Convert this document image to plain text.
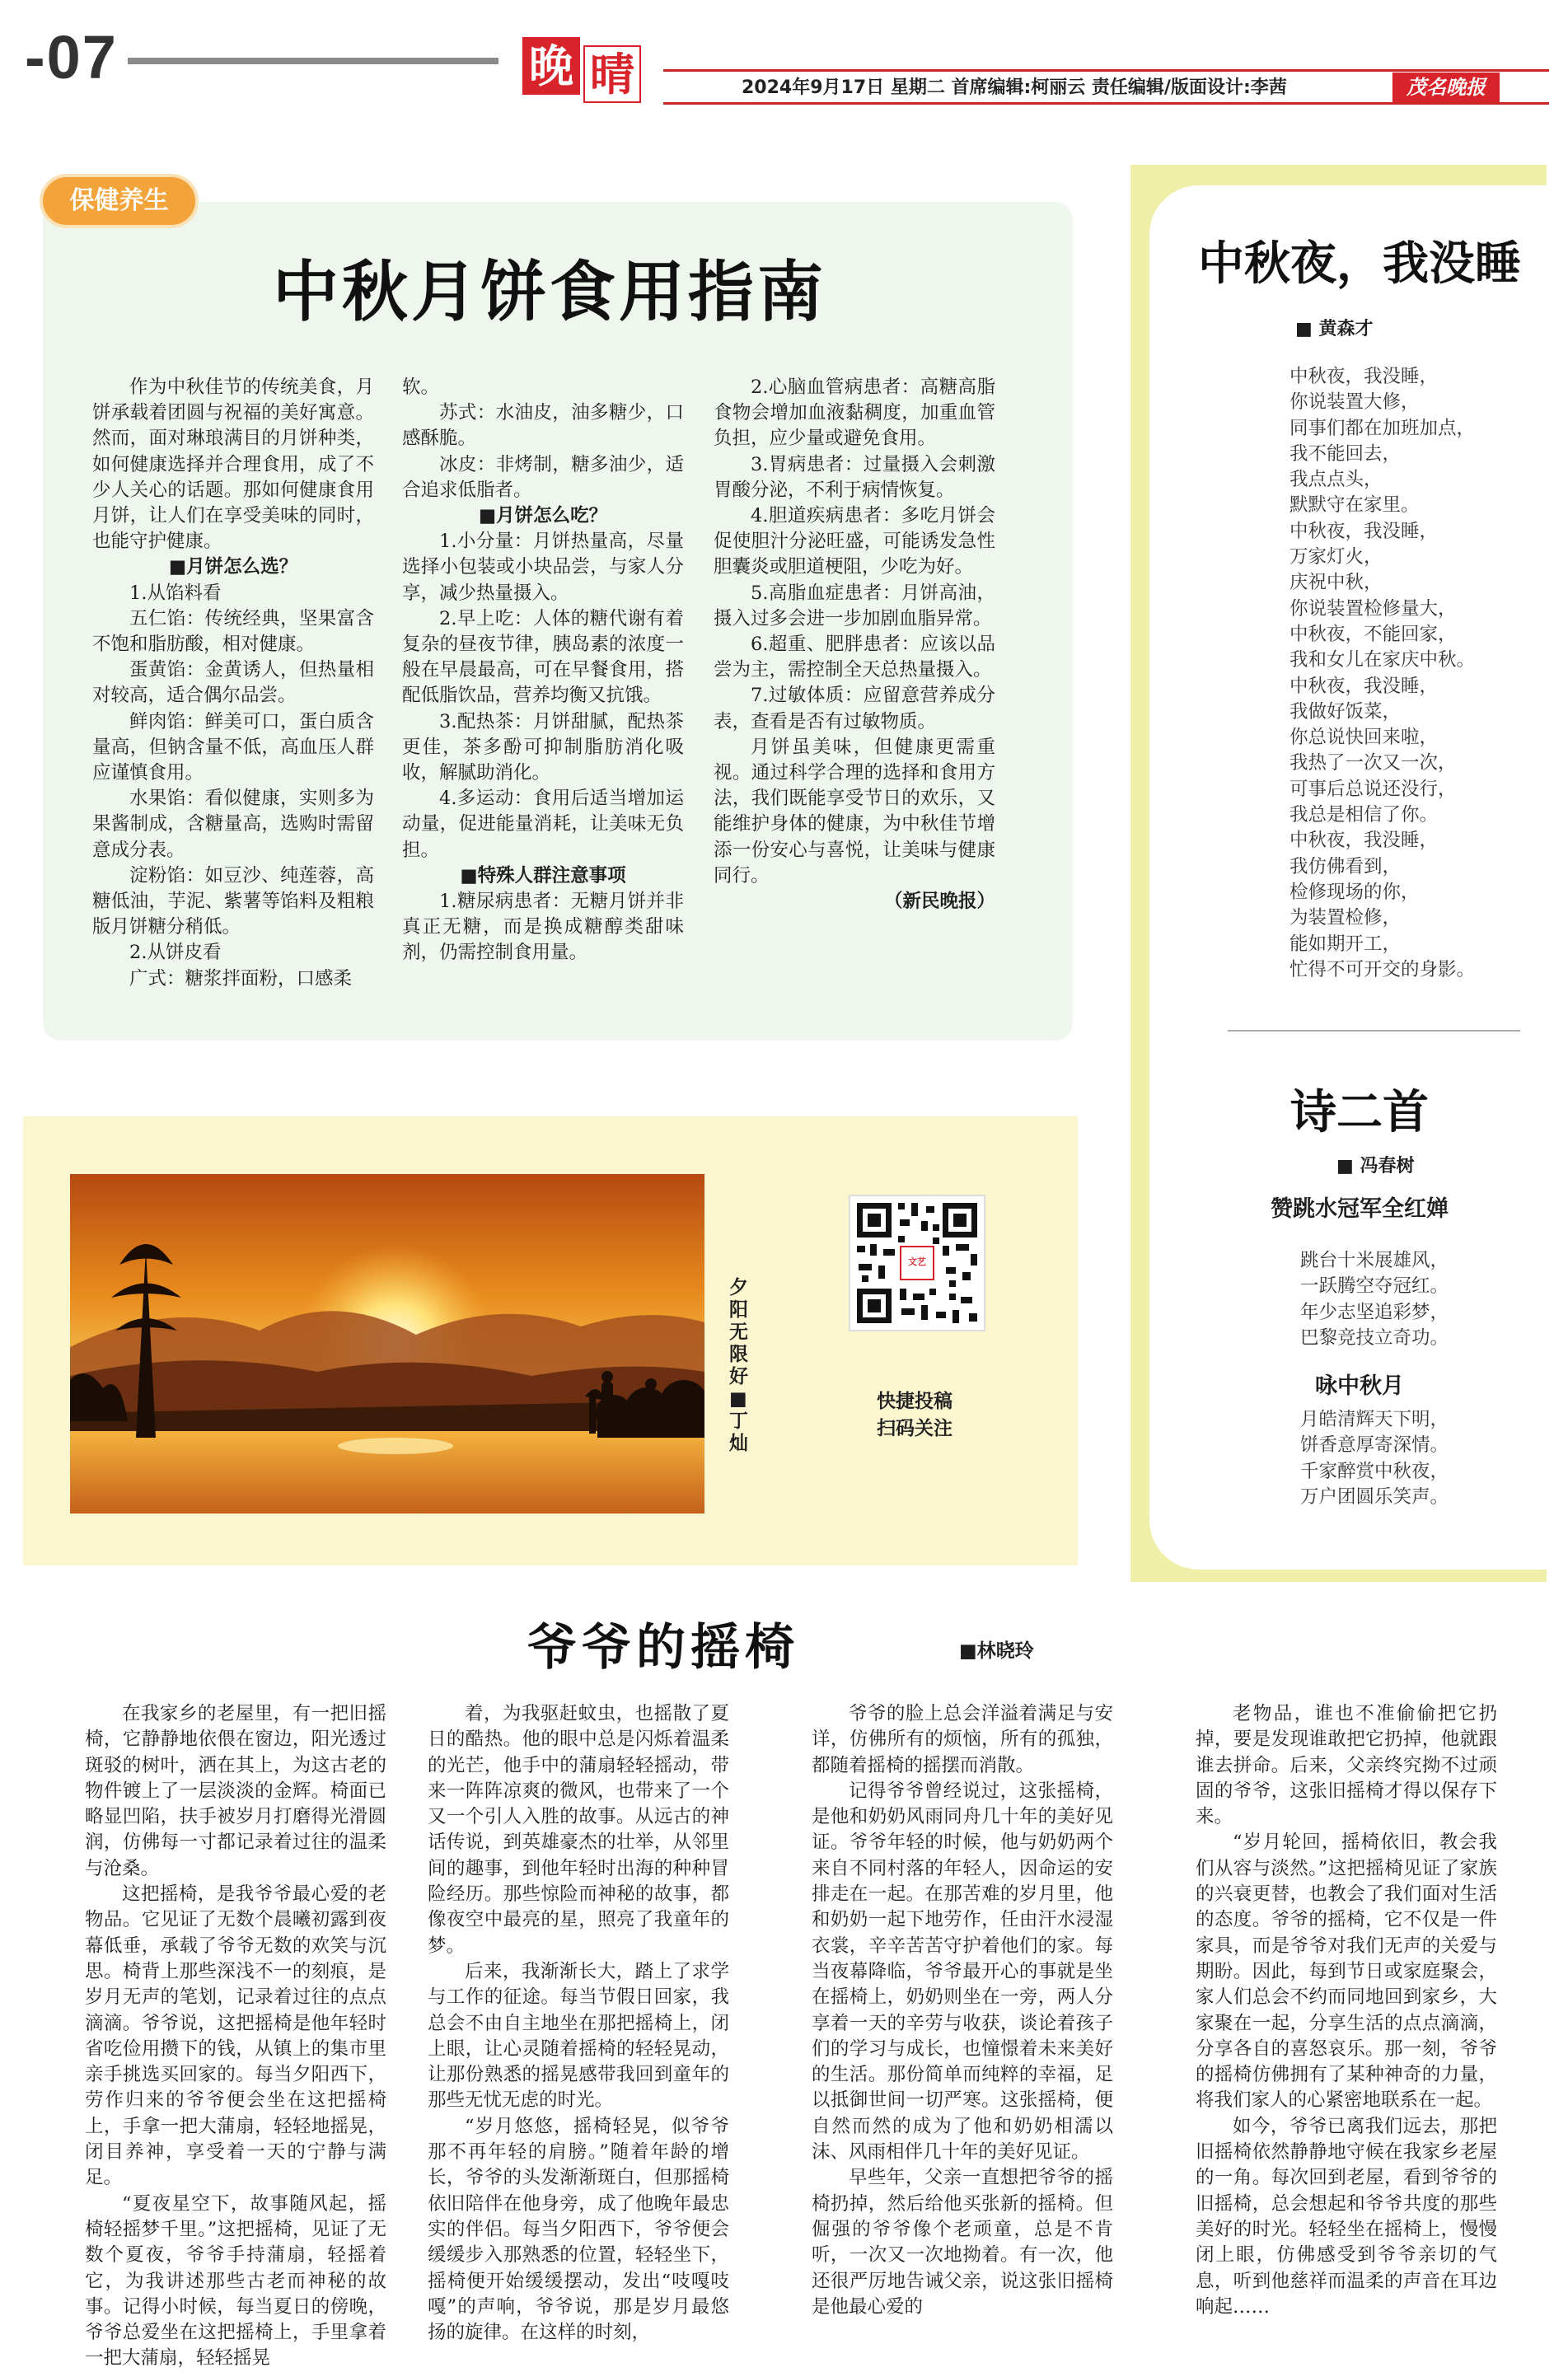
-07	晚 晴	2024年9月17日 星期二 首席编辑:柯丽云 责任编辑/版面设计:李茜	茂名晚报
保健养生
中秋月饼食用指南

作为中秋佳节的传统美食，月饼承载着团圆与祝福的美好寓意。然而，面对琳琅满目的月饼种类，如何健康选择并合理食用，成了不少人关心的话题。那如何健康食用月饼，让人们在享受美味的同时，也能守护健康。

■月饼怎么选？

1.从馅料看

五仁馅：传统经典，坚果富含不饱和脂肪酸，相对健康。

蛋黄馅：金黄诱人，但热量相对较高，适合偶尔品尝。

鲜肉馅：鲜美可口，蛋白质含量高，但钠含量不低，高血压人群应谨慎食用。

水果馅：看似健康，实则多为果酱制成，含糖量高，选购时需留意成分表。

淀粉馅：如豆沙、纯莲蓉，高糖低油，芋泥、紫薯等馅料及粗粮版月饼糖分稍低。

2.从饼皮看

广式：糖浆拌面粉，口感柔

软。

苏式：水油皮，油多糖少，口感酥脆。

冰皮：非烤制，糖多油少，适合追求低脂者。

■月饼怎么吃？

1.小分量：月饼热量高，尽量选择小包装或小块品尝，与家人分享，减少热量摄入。

2.早上吃：人体的糖代谢有着复杂的昼夜节律，胰岛素的浓度一般在早晨最高，可在早餐食用，搭配低脂饮品，营养均衡又抗饿。

3.配热茶：月饼甜腻，配热茶更佳，茶多酚可抑制脂肪消化吸收，解腻助消化。

4.多运动：食用后适当增加运动量，促进能量消耗，让美味无负担。

■特殊人群注意事项

1.糖尿病患者：无糖月饼并非真正无糖，而是换成糖醇类甜味剂，仍需控制食用量。

2.心脑血管病患者：高糖高脂食物会增加血液黏稠度，加重血管负担，应少量或避免食用。

3.胃病患者：过量摄入会刺激胃酸分泌，不利于病情恢复。

4.胆道疾病患者：多吃月饼会促使胆汁分泌旺盛，可能诱发急性胆囊炎或胆道梗阻，少吃为好。

5.高脂血症患者：月饼高油，摄入过多会进一步加剧血脂异常。

6.超重、肥胖患者：应该以品尝为主，需控制全天总热量摄入。

7.过敏体质：应留意营养成分表，查看是否有过敏物质。

月饼虽美味，但健康更需重视。通过科学合理的选择和食用方法，我们既能享受节日的欢乐，又能维护身体的健康，为中秋佳节增添一份安心与喜悦，让美味与健康同行。

（新民晚报）

中秋夜，我没睡
■ 黄森才
中秋夜，我没睡，
你说装置大修，
同事们都在加班加点，
我不能回去，
我点点头，
默默守在家里。
中秋夜，我没睡，
万家灯火，
庆祝中秋，
你说装置检修量大，
中秋夜，不能回家，
我和女儿在家庆中秋。
中秋夜，我没睡，
我做好饭菜，
你总说快回来啦，
我热了一次又一次，
可事后总说还没行，
我总是相信了你。
中秋夜，我没睡，
我仿佛看到，
检修现场的你，
为装置检修，
能如期开工，
忙得不可开交的身影。
诗二首
■ 冯春树
赞跳水冠军全红婵
跳台十米展雄风，
一跃腾空夺冠红。
年少志坚追彩梦，
巴黎竞技立奇功。
咏中秋月
月皓清辉天下明，
饼香意厚寄深情。
千家醉赏中秋夜，
万户团圆乐笑声。
夕阳无限好 ■ 丁灿
文艺
快捷投稿
扫码关注
爷爷的摇椅	■林晓玲

在我家乡的老屋里，有一把旧摇椅，它静静地依偎在窗边，阳光透过斑驳的树叶，洒在其上，为这古老的物件镀上了一层淡淡的金辉。椅面已略显凹陷，扶手被岁月打磨得光滑圆润，仿佛每一寸都记录着过往的温柔与沧桑。

这把摇椅，是我爷爷最心爱的老物品。它见证了无数个晨曦初露到夜幕低垂，承载了爷爷无数的欢笑与沉思。椅背上那些深浅不一的刻痕，是岁月无声的笔划，记录着过往的点点滴滴。爷爷说，这把摇椅是他年轻时省吃俭用攒下的钱，从镇上的集市里亲手挑选买回家的。每当夕阳西下，劳作归来的爷爷便会坐在这把摇椅上，手拿一把大蒲扇，轻轻地摇晃，闭目养神，享受着一天的宁静与满足。

“夏夜星空下，故事随风起，摇椅轻摇梦千里。”这把摇椅，见证了无数个夏夜，爷爷手持蒲扇，轻摇着它，为我讲述那些古老而神秘的故事。记得小时候，每当夏日的傍晚，爷爷总爱坐在这把摇椅上，手里拿着一把大蒲扇，轻轻摇晃

着，为我驱赶蚊虫，也摇散了夏日的酷热。他的眼中总是闪烁着温柔的光芒，他手中的蒲扇轻轻摇动，带来一阵阵凉爽的微风，也带来了一个又一个引人入胜的故事。从远古的神话传说，到英雄豪杰的壮举，从邻里间的趣事，到他年轻时出海的种种冒险经历。那些惊险而神秘的故事，都像夜空中最亮的星，照亮了我童年的梦。

后来，我渐渐长大，踏上了求学与工作的征途。每当节假日回家，我总会不由自主地坐在那把摇椅上，闭上眼，让心灵随着摇椅的轻轻晃动，让那份熟悉的摇晃感带我回到童年的那些无忧无虑的时光。

“岁月悠悠，摇椅轻晃，似爷爷那不再年轻的肩膀。”随着年龄的增长，爷爷的头发渐渐斑白，但那摇椅依旧陪伴在他身旁，成了他晚年最忠实的伴侣。每当夕阳西下，爷爷便会缓缓步入那熟悉的位置，轻轻坐下，摇椅便开始缓缓摆动，发出“吱嘎吱嘎”的声响，爷爷说，那是岁月最悠扬的旋律。在这样的时刻，

爷爷的脸上总会洋溢着满足与安详，仿佛所有的烦恼，所有的孤独，都随着摇椅的摇摆而消散。

记得爷爷曾经说过，这张摇椅，是他和奶奶风雨同舟几十年的美好见证。爷爷年轻的时候，他与奶奶两个来自不同村落的年轻人，因命运的安排走在一起。在那苦难的岁月里，他和奶奶一起下地劳作，任由汗水浸湿衣裳，辛辛苦苦守护着他们的家。每当夜幕降临，爷爷最开心的事就是坐在摇椅上，奶奶则坐在一旁，两人分享着一天的辛劳与收获，谈论着孩子们的学习与成长，也憧憬着未来美好的生活。那份简单而纯粹的幸福，足以抵御世间一切严寒。这张摇椅，便自然而然的成为了他和奶奶相濡以沫、风雨相伴几十年的美好见证。

早些年，父亲一直想把爷爷的摇椅扔掉，然后给他买张新的摇椅。但倔强的爷爷像个老顽童，总是不肯听，一次又一次地拗着。有一次，他还很严厉地告诫父亲，说这张旧摇椅是他最心爱的

老物品，谁也不准偷偷把它扔掉，要是发现谁敢把它扔掉，他就跟谁去拼命。后来，父亲终究拗不过顽固的爷爷，这张旧摇椅才得以保存下来。

“岁月轮回，摇椅依旧，教会我们从容与淡然。”这把摇椅见证了家族的兴衰更替，也教会了我们面对生活的态度。爷爷的摇椅，它不仅是一件家具，而是爷爷对我们无声的关爱与期盼。因此，每到节日或家庭聚会，家人们总会不约而同地回到家乡，大家聚在一起，分享生活的点点滴滴，分享各自的喜怒哀乐。那一刻，爷爷的摇椅仿佛拥有了某种神奇的力量，将我们家人的心紧密地联系在一起。

如今，爷爷已离我们远去，那把旧摇椅依然静静地守候在我家乡老屋的一角。每次回到老屋，看到爷爷的旧摇椅，总会想起和爷爷共度的那些美好的时光。轻轻坐在摇椅上，慢慢闭上眼，仿佛感受到爷爷亲切的气息，听到他慈祥而温柔的声音在耳边响起……
